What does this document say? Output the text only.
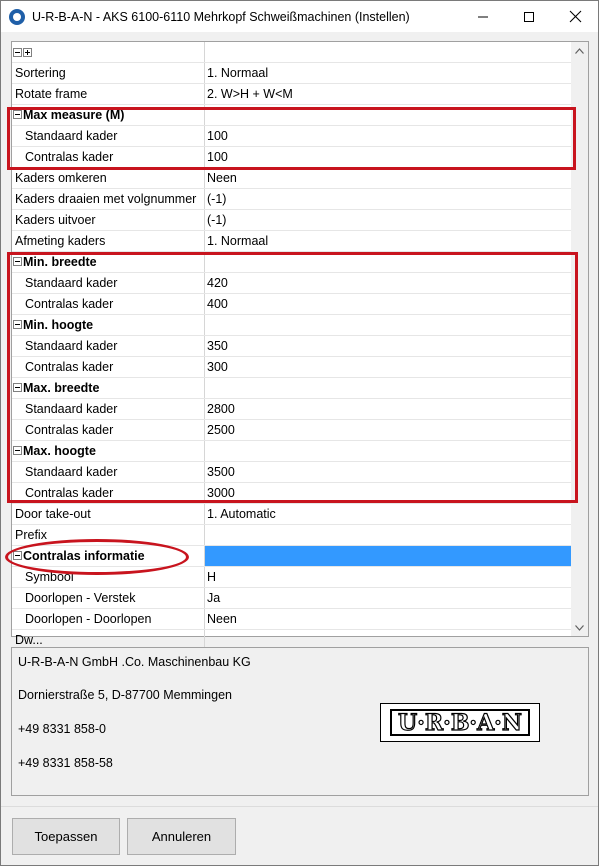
U-R-B-A-N - AKS 6100-6110 Mehrkopf Schweißmachinen (Instellen)
Sortering	1. Normaal
Rotate frame	2. W>H + W<M
Max measure (M)
Standaard kader	100
Contralas kader	100
Kaders omkeren	Neen
Kaders draaien met volgnummer (-1)
Kaders uitvoer	(-1)
Afmeting kaders	1. Normaal
Min. breedte
Standaard kader	420
Contralas kader	400
Min. hoogte
Standaard kader	350
Contralas kader	300
Max. breedte
Standaard kader	2800
Contralas kader	2500
Max. hoogte
Standaard kader	3500
Contralas kader	3000
Door take-out	1. Automatic
Prefix
Contralas informatie
Symbool	H
Doorlopen - Verstek	Ja
Doorlopen - Doorlopen	Neen
Dw...
U-R-B-A-N GmbH .Co. Maschinenbau KG
Dornierstraße 5, D-87700 Memmingen
+49 8331 858-0
+49 8331 858-58
U·R·B·A·N
Toepassen	Annuleren
